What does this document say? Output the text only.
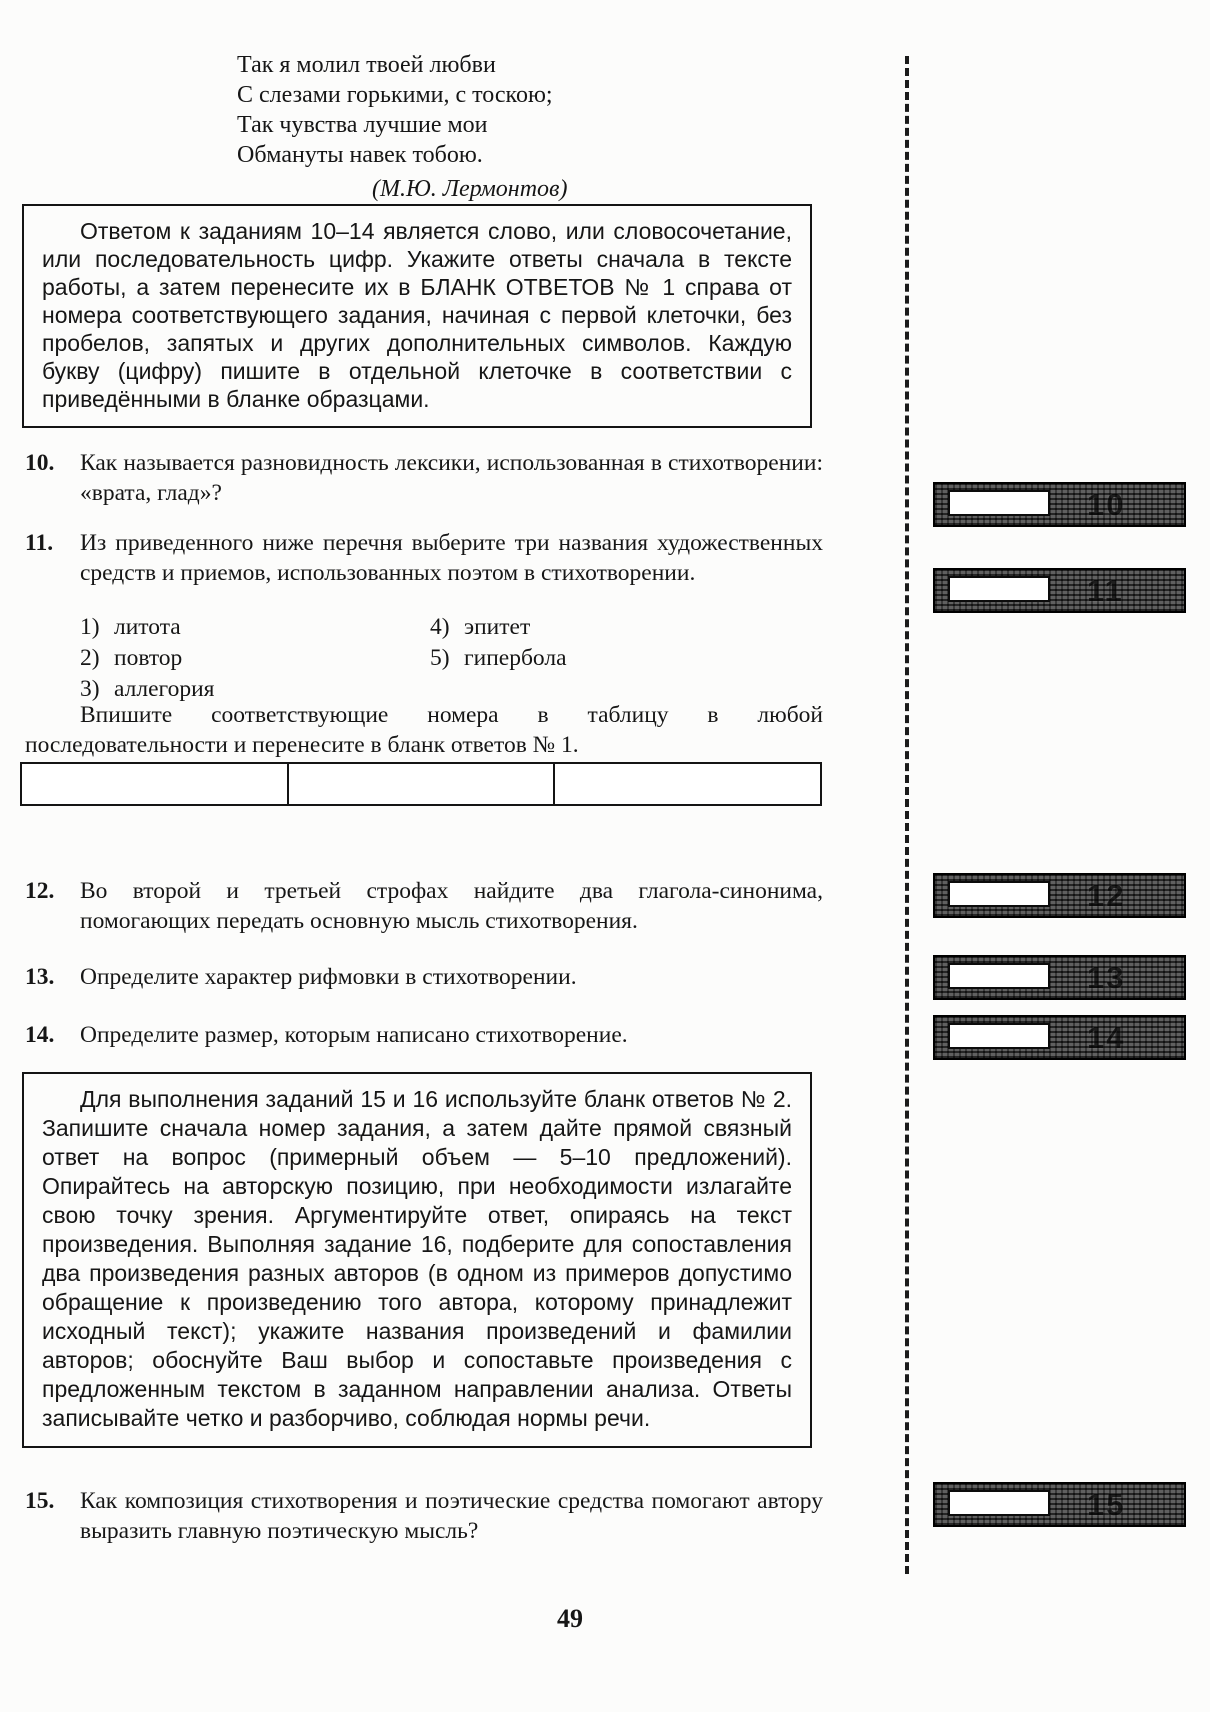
Так я молил твоей любви
С слезами горькими, с тоскою;
Так чувства лучшие мои
Обмануты навек тобою.
(М.Ю. Лермонтов)
Ответом к заданиям 10–14 является слово, или словосочетание, или последовательность цифр. Укажите ответы сначала в тексте работы, а затем перенесите их в БЛАНК ОТВЕТОВ № 1 справа от номера соответствующего задания, начиная с первой клеточки, без пробелов, запятых и других дополнительных символов. Каждую букву (цифру) пишите в отдельной клеточке в соответствии с приведёнными в бланке образцами.
10. Как называется разновидность лексики, использованная в стихотворении: «врата, глад»?
11. Из приведенного ниже перечня выберите три названия художественных средств и приемов, использованных поэтом в стихотворении.
1) литота
2) повтор
3) аллегория
4) эпитет
5) гипербола
Впишите соответствующие номера в таблицу в любой последовательности и перенесите в бланк ответов № 1.
12. Во второй и третьей строфах найдите два глагола-синонима, помогающих передать основную мысль стихотворения.
13. Определите характер рифмовки в стихотворении.
14. Определите размер, которым написано стихотворение.
Для выполнения заданий 15 и 16 используйте бланк ответов № 2. Запишите сначала номер задания, а затем дайте прямой связный ответ на вопрос (примерный объем — 5–10 предложений). Опирайтесь на авторскую позицию, при необходимости излагайте свою точку зрения. Аргументируйте ответ, опираясь на текст произведения. Выполняя задание 16, подберите для сопоставления два произведения разных авторов (в одном из примеров допустимо обращение к произведению того автора, которому принадлежит исходный текст); укажите названия произведений и фамилии авторов; обоснуйте Ваш выбор и сопоставьте произведения с предложенным текстом в заданном направлении анализа. Ответы записывайте четко и разборчиво, соблюдая нормы речи.
15. Как композиция стихотворения и поэтические средства помогают автору выразить главную поэтическую мысль?
10
11
12
13
14
15
49
